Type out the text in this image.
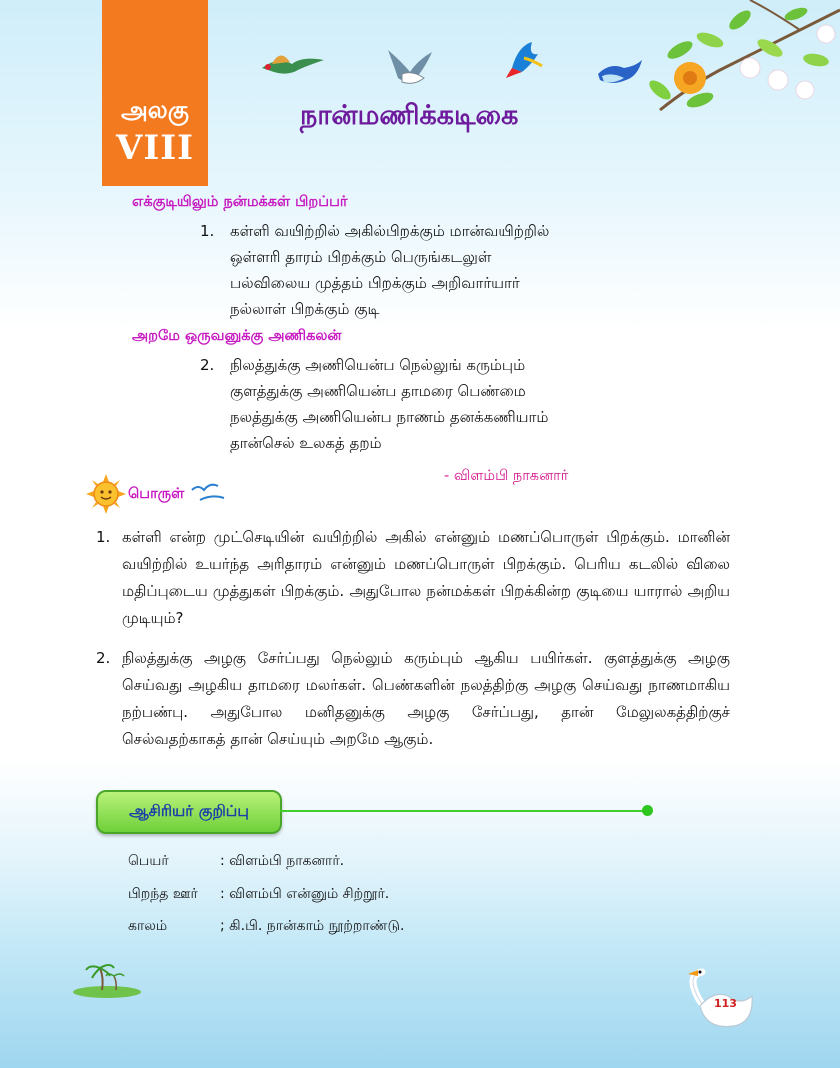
அலகு
VIII
நான்மணிக்கடிகை
எக்குடியிலும் நன்மக்கள் பிறப்பர்
1. கள்ளி வயிற்றில் அகில்பிறக்கும் மான்வயிற்றில்
ஒள்ளரி தாரம் பிறக்கும் பெருங்கடலுள்
பல்விலைய முத்தம் பிறக்கும் அறிவார்யார்
நல்லாள் பிறக்கும் குடி
அறமே ஒருவனுக்கு அணிகலன்
2. நிலத்துக்கு அணியென்ப நெல்லுங் கரும்பும்
குளத்துக்கு அணியென்ப தாமரை பெண்மை
நலத்துக்கு அணியென்ப நாணம் தனக்கணியாம்
தான்செல் உலகத் தறம்
- விளம்பி நாகனார்
பொருள்
1. கள்ளி என்ற முட்செடியின் வயிற்றில் அகில் என்னும் மணப்பொருள் பிறக்கும். மானின் வயிற்றில் உயர்ந்த அரிதாரம் என்னும் மணப்பொருள் பிறக்கும். பெரிய கடலில் விலை மதிப்புடைய முத்துகள் பிறக்கும். அதுபோல நன்மக்கள் பிறக்கின்ற குடியை யாரால் அறிய முடியும்?
2. நிலத்துக்கு அழகு சேர்ப்பது நெல்லும் கரும்பும் ஆகிய பயிர்கள். குளத்துக்கு அழகு செய்வது அழகிய தாமரை மலர்கள். பெண்களின் நலத்திற்கு அழகு செய்வது நாணமாகிய நற்பண்பு. அதுபோல மனிதனுக்கு அழகு சேர்ப்பது, தான் மேலுலகத்திற்குச் செல்வதற்காகத் தான் செய்யும் அறமே ஆகும்.
ஆசிரியர் குறிப்பு
பெயர்	: விளம்பி நாகனார்.
பிறந்த ஊர் : விளம்பி என்னும் சிற்றூர்.
காலம்	; கி.பி. நான்காம் நூற்றாண்டு.
113
